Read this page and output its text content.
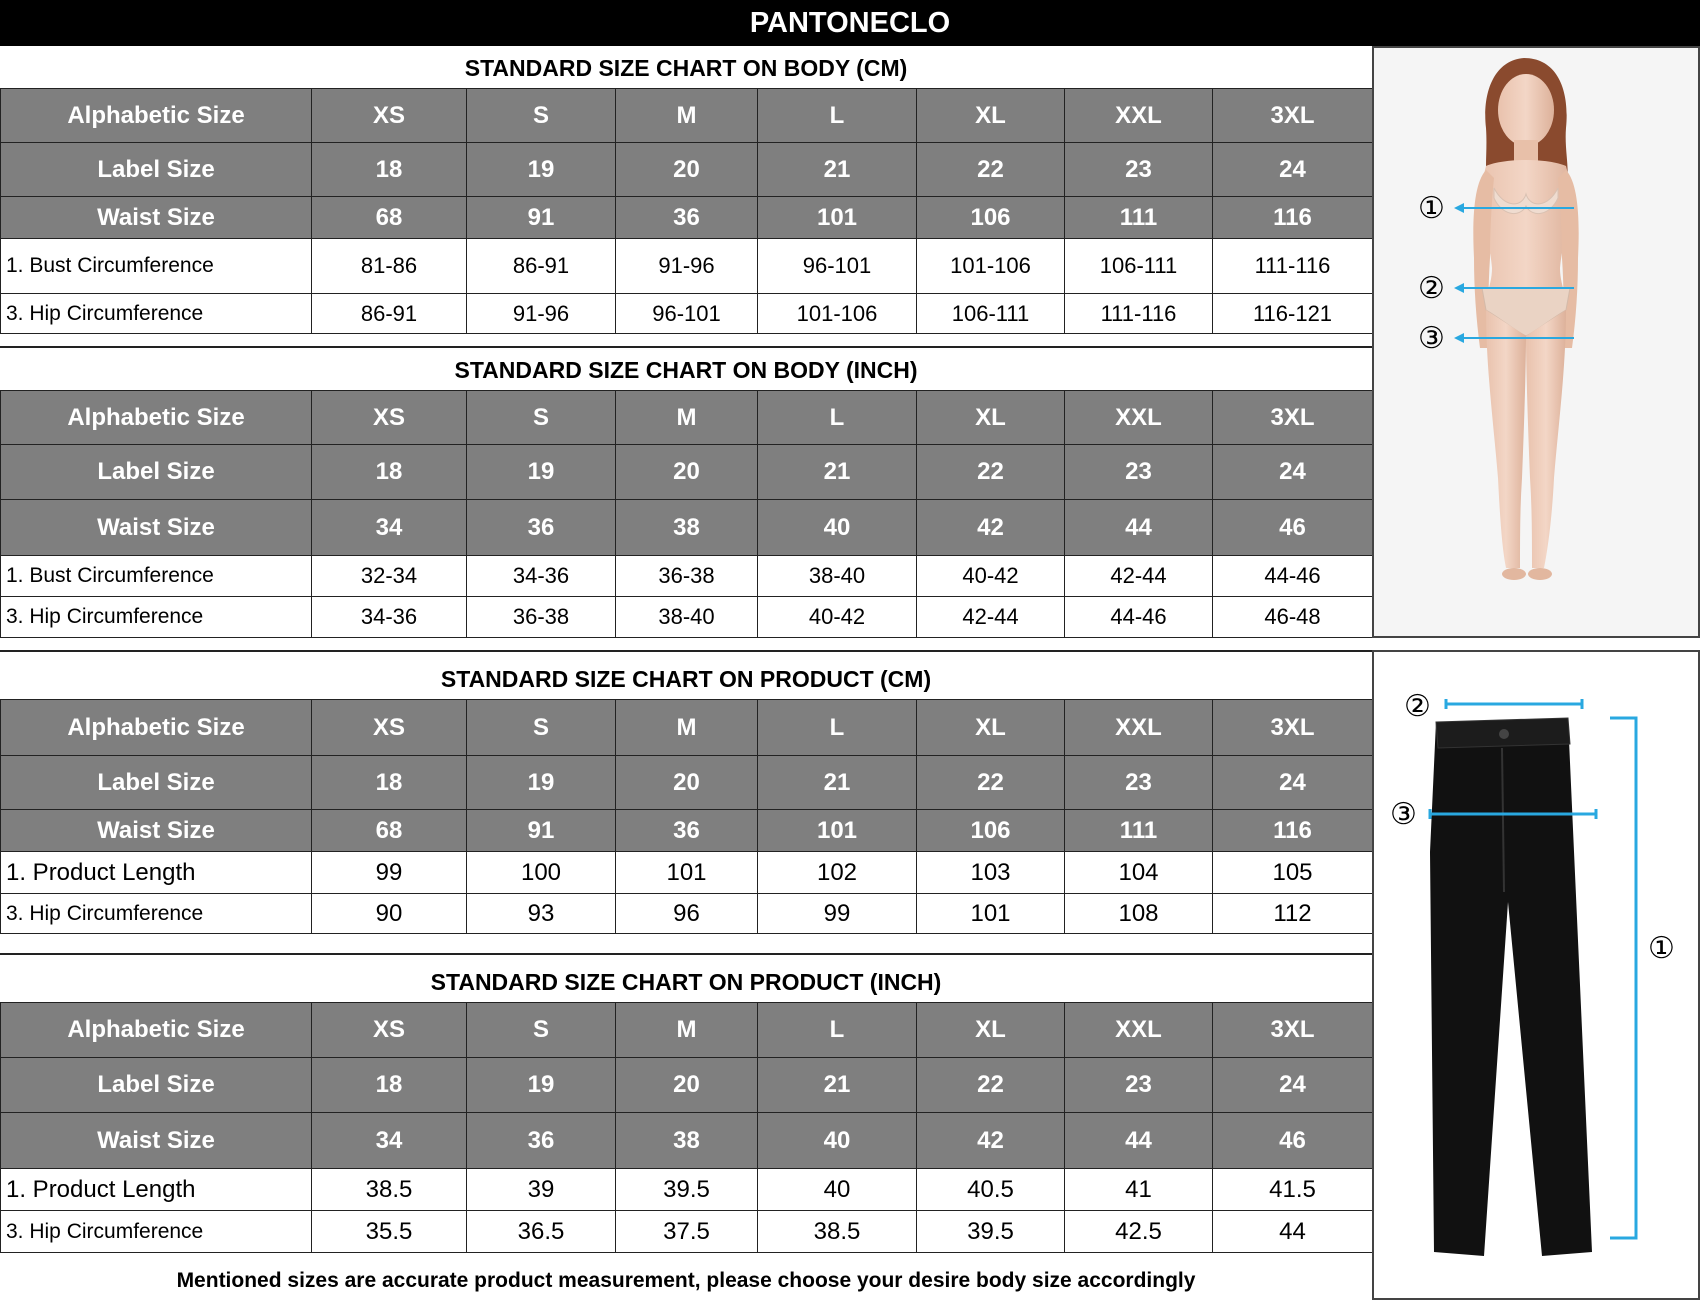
PANTONECLO
STANDARD SIZE CHART ON BODY (CM)
Alphabetic Size	XS	S	M	L	XL	XXL	3XL
Label Size	18	19	20	21	22	23	24
Waist Size	68	91	36	101	106	111	116
1. Bust Circumference	81-86	86-91	91-96	96-101	101-106	106-111	111-116
3. Hip Circumference	86-91	91-96	96-101	101-106	106-111	111-116	116-121
STANDARD SIZE CHART ON BODY (INCH)
Alphabetic Size	XS	S	M	L	XL	XXL	3XL
Label Size	18	19	20	21	22	23	24
Waist Size	34	36	38	40	42	44	46
1. Bust Circumference	32-34	34-36	36-38	38-40	40-42	42-44	44-46
3. Hip Circumference	34-36	36-38	38-40	40-42	42-44	44-46	46-48
STANDARD SIZE CHART ON PRODUCT (CM)
Alphabetic Size	XS	S	M	L	XL	XXL	3XL
Label Size	18	19	20	21	22	23	24
Waist Size	68	91	36	101	106	111	116
1. Product Length	99	100	101	102	103	104	105
3. Hip Circumference	90	93	96	99	101	108	112
STANDARD SIZE CHART ON PRODUCT (INCH)
Alphabetic Size	XS	S	M	L	XL	XXL	3XL
Label Size	18	19	20	21	22	23	24
Waist Size	34	36	38	40	42	44	46
1. Product Length	38.5	39	39.5	40	40.5	41	41.5
3. Hip Circumference	35.5	36.5	37.5	38.5	39.5	42.5	44
Mentioned sizes are accurate product measurement, please choose your desire body size accordingly
①
②
③
②
③
①
